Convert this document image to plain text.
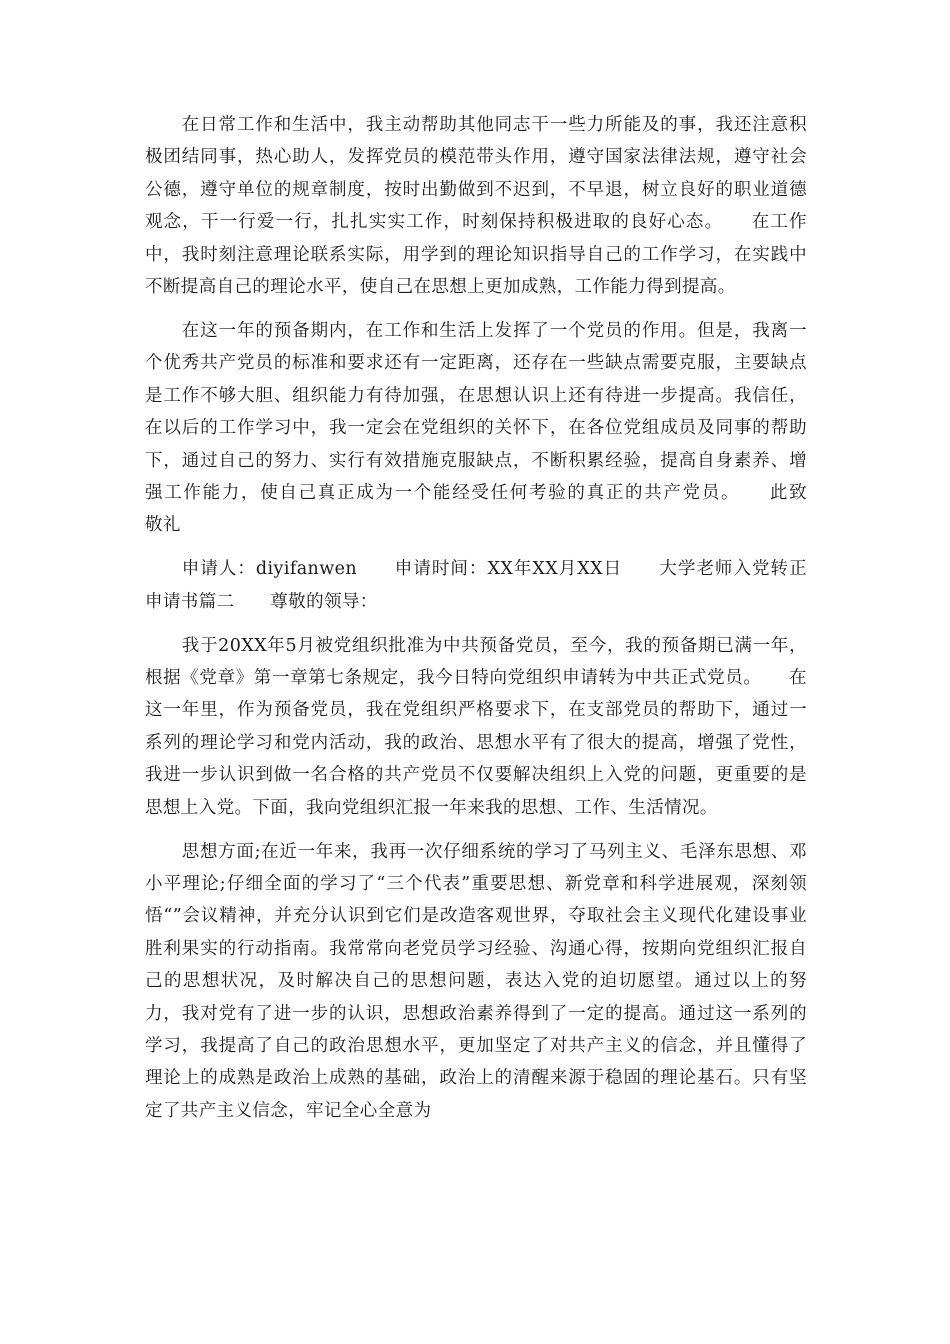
在日常工作和生活中，我主动帮助其他同志干一些力所能及的事，我还注意积极团结同事，热心助人，发挥党员的模范带头作用，遵守国家法律法规，遵守社会公德，遵守单位的规章制度，按时出勤做到不迟到，不早退，树立良好的职业道德观念，干一行爱一行，扎扎实实工作，时刻保持积极进取的良好心态。　　在工作中，我时刻注意理论联系实际，用学到的理论知识指导自己的工作学习，在实践中不断提高自己的理论水平，使自己在思想上更加成熟，工作能力得到提高。

在这一年的预备期内，在工作和生活上发挥了一个党员的作用。但是，我离一个优秀共产党员的标准和要求还有一定距离，还存在一些缺点需要克服，主要缺点是工作不够大胆、组织能力有待加强，在思想认识上还有待进一步提高。我信任，在以后的工作学习中，我一定会在党组织的关怀下，在各位党组成员及同事的帮助下，通过自己的努力、实行有效措施克服缺点，不断积累经验，提高自身素养、增强工作能力，使自己真正成为一个能经受任何考验的真正的共产党员。　　此致　　敬礼

申请人：diyifanwen　　申请时间：XX年XX月XX日　　大学老师入党转正申请书篇二　　尊敬的领导：

我于20XX年5月被党组织批准为中共预备党员，至今，我的预备期已满一年，根据《党章》第一章第七条规定，我今日特向党组织申请转为中共正式党员。　　在这一年里，作为预备党员，我在党组织严格要求下，在支部党员的帮助下，通过一系列的理论学习和党内活动，我的政治、思想水平有了很大的提高，增强了党性，我进一步认识到做一名合格的共产党员不仅要解决组织上入党的问题，更重要的是思想上入党。下面，我向党组织汇报一年来我的思想、工作、生活情况。

思想方面;在近一年来，我再一次仔细系统的学习了马列主义、毛泽东思想、邓小平理论;仔细全面的学习了“三个代表”重要思想、新党章和科学进展观，深刻领悟“”会议精神，并充分认识到它们是改造客观世界，夺取社会主义现代化建设事业胜利果实的行动指南。我常常向老党员学习经验、沟通心得，按期向党组织汇报自己的思想状况，及时解决自己的思想问题，表达入党的迫切愿望。通过以上的努力，我对党有了进一步的认识，思想政治素养得到了一定的提高。通过这一系列的学习，我提高了自己的政治思想水平，更加坚定了对共产主义的信念，并且懂得了理论上的成熟是政治上成熟的基础，政治上的清醒来源于稳固的理论基石。只有坚定了共产主义信念，牢记全心全意为
